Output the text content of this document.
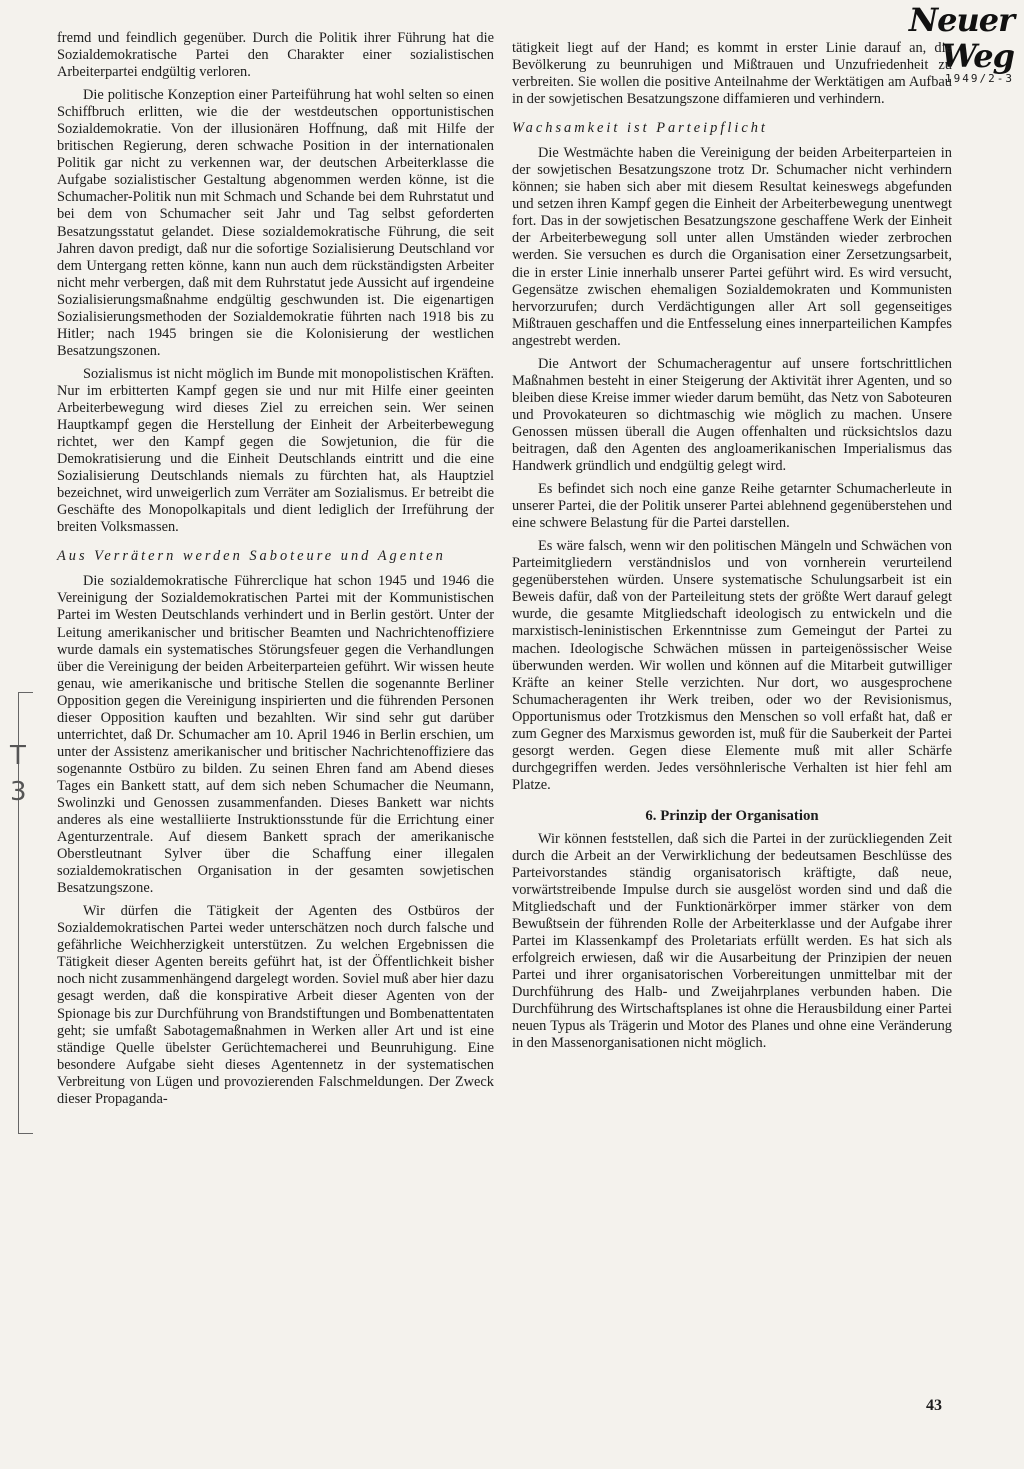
Neuer Weg
1949/2-3
T
3

fremd und feindlich gegenüber. Durch die Politik ihrer Führung hat die Sozialdemokratische Partei den Charakter einer sozialistischen Arbeiterpartei endgültig verloren.

Die politische Konzeption einer Parteiführung hat wohl selten so einen Schiffbruch erlitten, wie die der westdeutschen opportunistischen Sozialdemokratie. Von der illusionären Hoffnung, daß mit Hilfe der britischen Regierung, deren schwache Position in der internationalen Politik gar nicht zu verkennen war, der deutschen Arbeiterklasse die Aufgabe sozialistischer Gestaltung abgenommen werden könne, ist die Schumacher-Politik nun mit Schmach und Schande bei dem Ruhrstatut und bei dem von Schumacher seit Jahr und Tag selbst geforderten Besatzungsstatut gelandet. Diese sozialdemokratische Führung, die seit Jahren davon predigt, daß nur die sofortige Sozialisierung Deutschland vor dem Untergang retten könne, kann nun auch dem rückständigsten Arbeiter nicht mehr verbergen, daß mit dem Ruhrstatut jede Aussicht auf irgendeine Sozialisierungsmaßnahme endgültig geschwunden ist. Die eigenartigen Sozialisierungsmethoden der Sozialdemokratie führten nach 1918 bis zu Hitler; nach 1945 bringen sie die Kolonisierung der westlichen Besatzungszonen.

Sozialismus ist nicht möglich im Bunde mit monopolistischen Kräften. Nur im erbitterten Kampf gegen sie und nur mit Hilfe einer geeinten Arbeiterbewegung wird dieses Ziel zu erreichen sein. Wer seinen Hauptkampf gegen die Herstellung der Einheit der Arbeiterbewegung richtet, wer den Kampf gegen die Sowjetunion, die für die Demokratisierung und die Einheit Deutschlands eintritt und die eine Sozialisierung Deutschlands niemals zu fürchten hat, als Hauptziel bezeichnet, wird unweigerlich zum Verräter am Sozialismus. Er betreibt die Geschäfte des Monopolkapitals und dient lediglich der Irreführung der breiten Volksmassen.

Aus Verrätern werden Saboteure und Agenten

Die sozialdemokratische Führerclique hat schon 1945 und 1946 die Vereinigung der Sozialdemokratischen Partei mit der Kommunistischen Partei im Westen Deutschlands verhindert und in Berlin gestört. Unter der Leitung amerikanischer und britischer Beamten und Nachrichtenoffiziere wurde damals ein systematisches Störungsfeuer gegen die Verhandlungen über die Vereinigung der beiden Arbeiterparteien geführt. Wir wissen heute genau, wie amerikanische und britische Stellen die sogenannte Berliner Opposition gegen die Vereinigung inspirierten und die führenden Personen dieser Opposition kauften und bezahlten. Wir sind sehr gut darüber unterrichtet, daß Dr. Schumacher am 10. April 1946 in Berlin erschien, um unter der Assistenz amerikanischer und britischer Nachrichtenoffiziere das sogenannte Ostbüro zu bilden. Zu seinen Ehren fand am Abend dieses Tages ein Bankett statt, auf dem sich neben Schumacher die Neumann, Swolinzki und Genossen zusammenfanden. Dieses Bankett war nichts anderes als eine westalliierte Instruktionsstunde für die Errichtung einer Agenturzentrale. Auf diesem Bankett sprach der amerikanische Oberstleutnant Sylver über die Schaffung einer illegalen sozialdemokratischen Organisation in der gesamten sowjetischen Besatzungszone.

Wir dürfen die Tätigkeit der Agenten des Ostbüros der Sozialdemokratischen Partei weder unterschätzen noch durch falsche und gefährliche Weichherzigkeit unterstützen. Zu welchen Ergebnissen die Tätigkeit dieser Agenten bereits geführt hat, ist der Öffentlichkeit bisher noch nicht zusammenhängend dargelegt worden. Soviel muß aber hier dazu gesagt werden, daß die konspirative Arbeit dieser Agenten von der Spionage bis zur Durchführung von Brandstiftungen und Bombenattentaten geht; sie umfaßt Sabotagemaßnahmen in Werken aller Art und ist eine ständige Quelle übelster Gerüchtemacherei und Beunruhigung. Eine besondere Aufgabe sieht dieses Agentennetz in der systematischen Verbreitung von Lügen und provozierenden Falschmeldungen. Der Zweck dieser Propaganda-

tätigkeit liegt auf der Hand; es kommt in erster Linie darauf an, die Bevölkerung zu beunruhigen und Mißtrauen und Unzufriedenheit zu verbreiten. Sie wollen die positive Anteilnahme der Werktätigen am Aufbau in der sowjetischen Besatzungszone diffamieren und verhindern.

Wachsamkeit ist Parteipflicht

Die Westmächte haben die Vereinigung der beiden Arbeiterparteien in der sowjetischen Besatzungszone trotz Dr. Schumacher nicht verhindern können; sie haben sich aber mit diesem Resultat keineswegs abgefunden und setzen ihren Kampf gegen die Einheit der Arbeiterbewegung unentwegt fort. Das in der sowjetischen Besatzungszone geschaffene Werk der Einheit der Arbeiterbewegung soll unter allen Umständen wieder zerbrochen werden. Sie versuchen es durch die Organisation einer Zersetzungsarbeit, die in erster Linie innerhalb unserer Partei geführt wird. Es wird versucht, Gegensätze zwischen ehemaligen Sozialdemokraten und Kommunisten hervorzurufen; durch Verdächtigungen aller Art soll gegenseitiges Mißtrauen geschaffen und die Entfesselung eines innerparteilichen Kampfes angestrebt werden.

Die Antwort der Schumacheragentur auf unsere fortschrittlichen Maßnahmen besteht in einer Steigerung der Aktivität ihrer Agenten, und so bleiben diese Kreise immer wieder darum bemüht, das Netz von Saboteuren und Provokateuren so dichtmaschig wie möglich zu machen. Unsere Genossen müssen überall die Augen offenhalten und rücksichtslos dazu beitragen, daß den Agenten des angloamerikanischen Imperialismus das Handwerk gründlich und endgültig gelegt wird.

Es befindet sich noch eine ganze Reihe getarnter Schumacherleute in unserer Partei, die der Politik unserer Partei ablehnend gegenüberstehen und eine schwere Belastung für die Partei darstellen.

Es wäre falsch, wenn wir den politischen Mängeln und Schwächen von Parteimitgliedern verständnislos und von vornherein verurteilend gegenüberstehen würden. Unsere systematische Schulungsarbeit ist ein Beweis dafür, daß von der Parteileitung stets der größte Wert darauf gelegt wurde, die gesamte Mitgliedschaft ideologisch zu entwickeln und die marxistisch-leninistischen Erkenntnisse zum Gemeingut der Partei zu machen. Ideologische Schwächen müssen in parteigenössischer Weise überwunden werden. Wir wollen und können auf die Mitarbeit gutwilliger Kräfte an keiner Stelle verzichten. Nur dort, wo ausgesprochene Schumacheragenten ihr Werk treiben, oder wo der Revisionismus, Opportunismus oder Trotzkismus den Menschen so voll erfaßt hat, daß er zum Gegner des Marxismus geworden ist, muß für die Sauberkeit der Partei gesorgt werden. Gegen diese Elemente muß mit aller Schärfe durchgegriffen werden. Jedes versöhnlerische Verhalten ist hier fehl am Platze.

6. Prinzip der Organisation

Wir können feststellen, daß sich die Partei in der zurückliegenden Zeit durch die Arbeit an der Verwirklichung der bedeutsamen Beschlüsse des Parteivorstandes ständig organisatorisch kräftigte, daß neue, vorwärtstreibende Impulse durch sie ausgelöst worden sind und daß die Mitgliedschaft und der Funktionärkörper immer stärker von dem Bewußtsein der führenden Rolle der Arbeiterklasse und der Aufgabe ihrer Partei im Klassenkampf des Proletariats erfüllt werden. Es hat sich als erfolgreich erwiesen, daß wir die Ausarbeitung der Prinzipien der neuen Partei und ihrer organisatorischen Vorbereitungen unmittelbar mit der Durchführung des Halb- und Zweijahrplanes verbunden haben. Die Durchführung des Wirtschaftsplanes ist ohne die Herausbildung einer Partei neuen Typus als Trägerin und Motor des Planes und ohne eine Veränderung in den Massenorganisationen nicht möglich.

43
